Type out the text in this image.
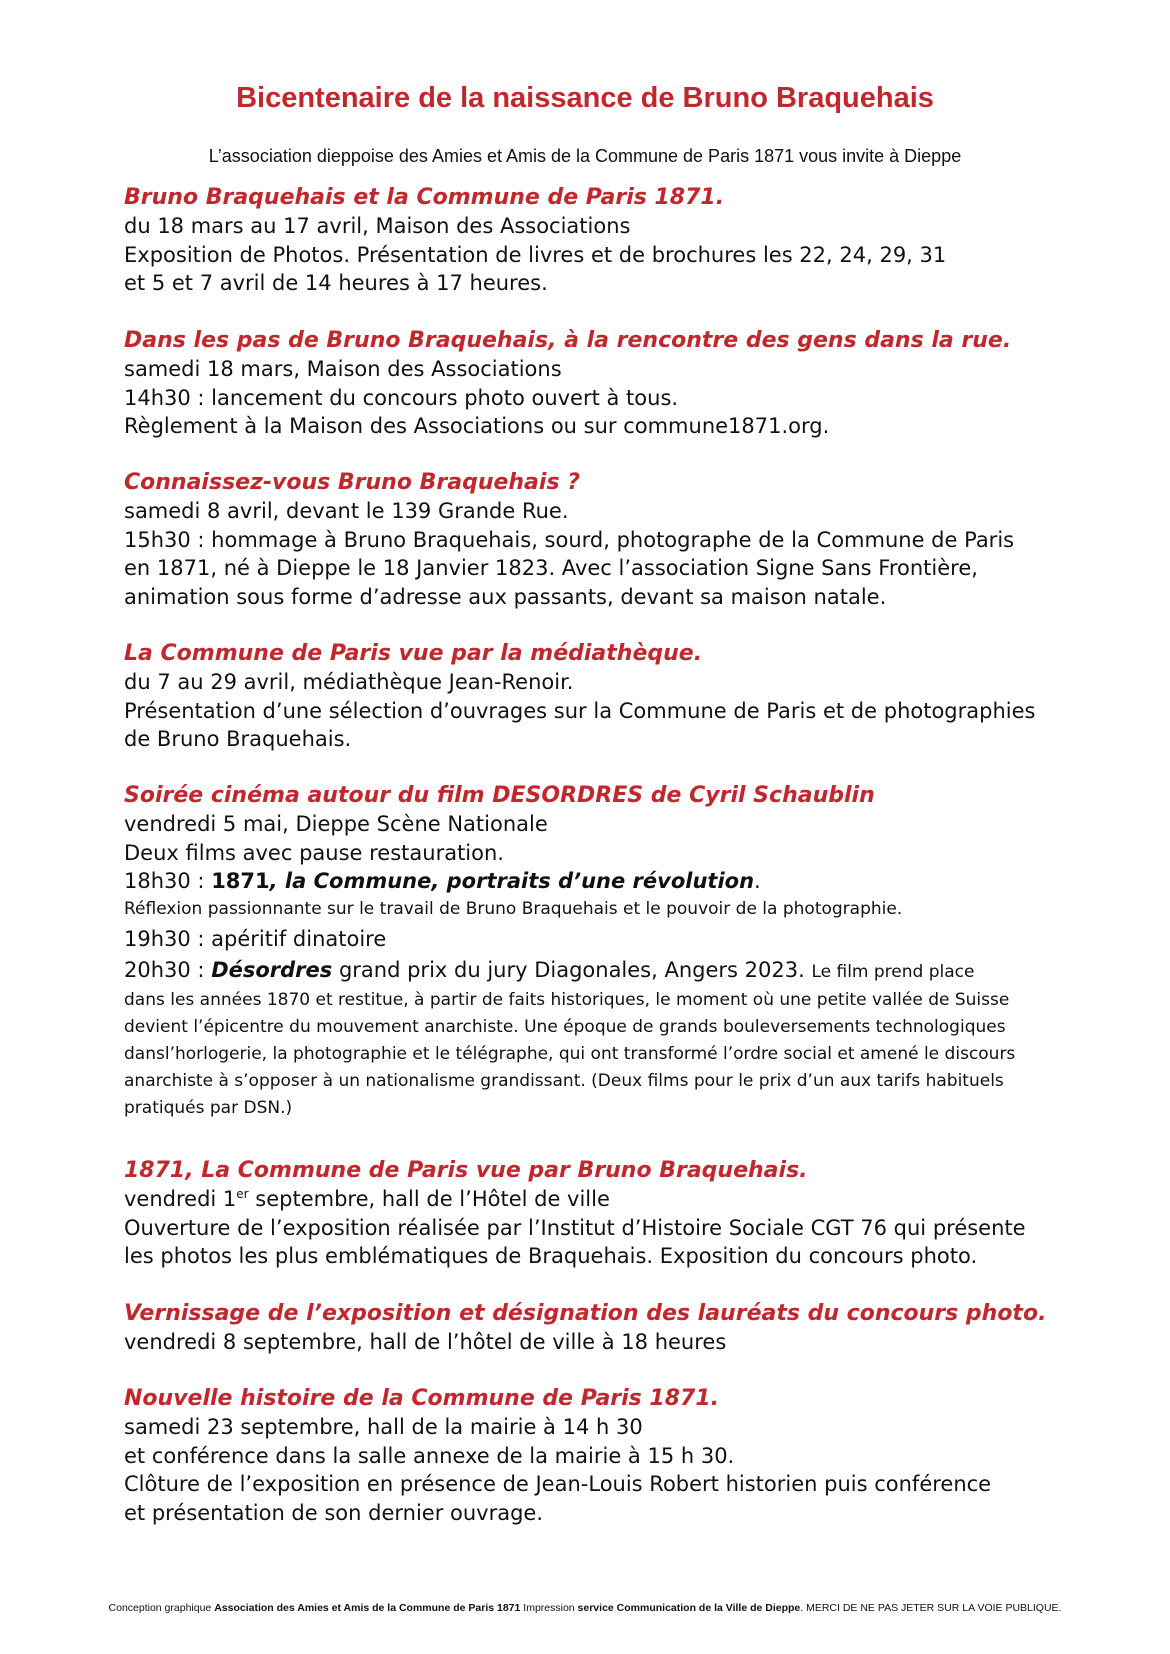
Bicentenaire de la naissance de Bruno Braquehais

L’association dieppoise des Amies et Amis de la Commune de Paris 1871 vous invite à Dieppe

Bruno Braquehais et la Commune de Paris 1871.

du 18 mars au 17 avril, Maison des Associations

Exposition de Photos. Présentation de livres et de brochures les 22, 24, 29, 31

et 5 et 7 avril de 14 heures à 17 heures.

Dans les pas de Bruno Braquehais, à la rencontre des gens dans la rue.

samedi 18 mars, Maison des Associations

14h30 : lancement du concours photo ouvert à tous.

Règlement à la Maison des Associations ou sur commune1871.org.

Connaissez-vous Bruno Braquehais ?

samedi 8 avril, devant le 139 Grande Rue.

15h30 : hommage à Bruno Braquehais, sourd, photographe de la Commune de Paris

en 1871, né à Dieppe le 18 Janvier 1823. Avec l’association Signe Sans Frontière,

animation sous forme d’adresse aux passants, devant sa maison natale.

La Commune de Paris vue par la médiathèque.

du 7 au 29 avril, médiathèque Jean-Renoir.

Présentation d’une sélection d’ouvrages sur la Commune de Paris et de photographies

de Bruno Braquehais.

Soirée cinéma autour du film DESORDRES de Cyril Schaublin

vendredi 5 mai, Dieppe Scène Nationale

Deux films avec pause restauration.

18h30 : 1871, la Commune, portraits d’une révolution.

Réflexion passionnante sur le travail de Bruno Braquehais et le pouvoir de la photographie.

19h30 : apéritif dinatoire

20h30 : Désordres grand prix du jury Diagonales, Angers 2023. Le film prend place

dans les années 1870 et restitue, à partir de faits historiques, le moment où une petite vallée de Suisse

devient l’épicentre du mouvement anarchiste. Une époque de grands bouleversements technologiques

dansl’horlogerie, la photographie et le télégraphe, qui ont transformé l’ordre social et amené le discours

anarchiste à s’opposer à un nationalisme grandissant. (Deux films pour le prix d’un aux tarifs habituels

pratiqués par DSN.)

1871, La Commune de Paris vue par Bruno Braquehais.

vendredi 1er septembre, hall de l’Hôtel de ville

Ouverture de l’exposition réalisée par l’Institut d’Histoire Sociale CGT 76 qui présente

les photos les plus emblématiques de Braquehais. Exposition du concours photo.

Vernissage de l’exposition et désignation des lauréats du concours photo.

vendredi 8 septembre, hall de l’hôtel de ville à 18 heures

Nouvelle histoire de la Commune de Paris 1871.

samedi 23 septembre, hall de la mairie à 14 h 30

et conférence dans la salle annexe de la mairie à 15 h 30.

Clôture de l’exposition en présence de Jean-Louis Robert historien puis conférence

et présentation de son dernier ouvrage.

Conception graphique Association des Amies et Amis de la Commune de Paris 1871 Impression service Communication de la Ville de Dieppe. MERCI DE NE PAS JETER SUR LA VOIE PUBLIQUE.
